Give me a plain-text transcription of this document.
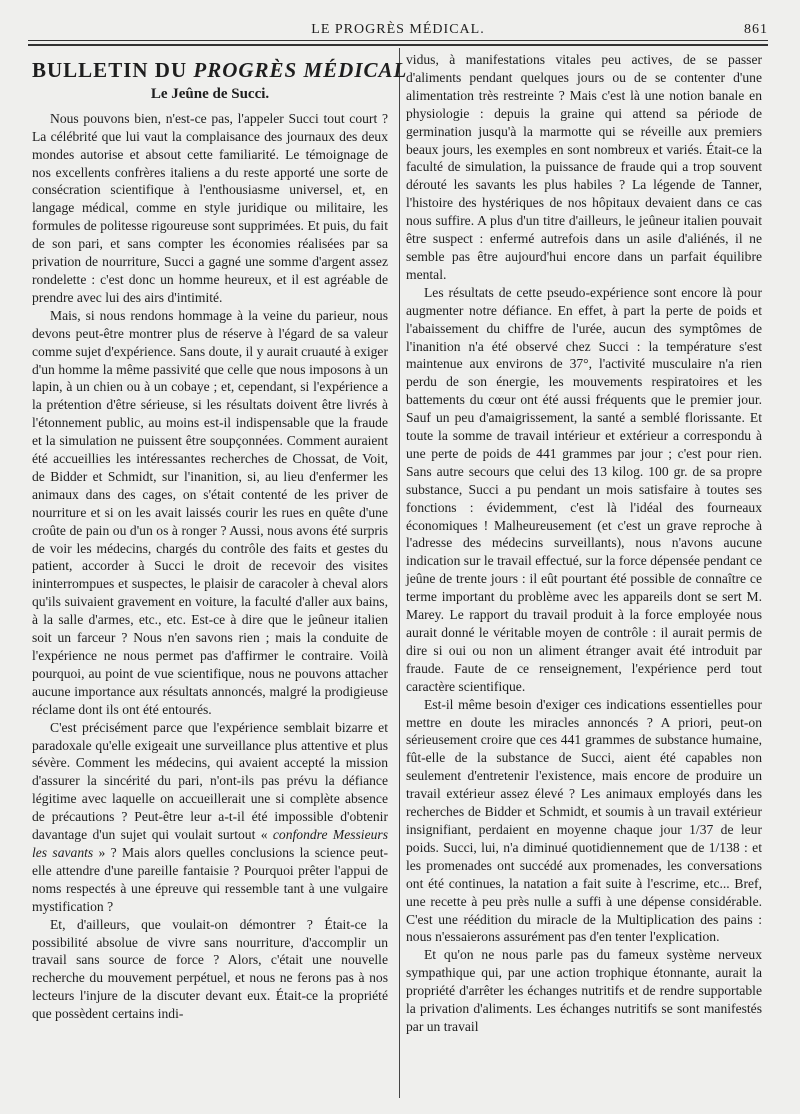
LE PROGRÈS MÉDICAL.	861
BULLETIN DU PROGRÈS MÉDICAL
Le Jeûne de Succi.

Nous pouvons bien, n'est-ce pas, l'appeler Succi tout court ? La célébrité que lui vaut la complaisance des journaux des deux mondes autorise et absout cette familiarité. Le témoignage de nos excellents confrères italiens a du reste apporté une sorte de consécration scientifique à l'enthousiasme universel, et, en langage médical, comme en style juridique ou militaire, les formules de politesse rigoureuse sont supprimées. Et puis, du fait de son pari, et sans compter les économies réalisées par sa privation de nourriture, Succi a gagné une somme d'argent assez rondelette : c'est donc un homme heureux, et il est agréable de prendre avec lui des airs d'intimité.

Mais, si nous rendons hommage à la veine du parieur, nous devons peut-être montrer plus de réserve à l'égard de sa valeur comme sujet d'expérience. Sans doute, il y aurait cruauté à exiger d'un homme la même passivité que celle que nous imposons à un lapin, à un chien ou à un cobaye ; et, cependant, si l'expérience a la prétention d'être sérieuse, si les résultats doivent être livrés à l'étonnement public, au moins est-il indispensable que la fraude et la simulation ne puissent être soupçonnées. Comment auraient été accueillies les intéressantes recherches de Chossat, de Voit, de Bidder et Schmidt, sur l'inanition, si, au lieu d'enfermer les animaux dans des cages, on s'était contenté de les priver de nourriture et si on les avait laissés courir les rues en quête d'une croûte de pain ou d'un os à ronger ? Aussi, nous avons été surpris de voir les médecins, chargés du contrôle des faits et gestes du patient, accorder à Succi le droit de recevoir des visites ininterrompues et suspectes, le plaisir de caracoler à cheval alors qu'ils suivaient gravement en voiture, la faculté d'aller aux bains, à la salle d'armes, etc., etc. Est-ce à dire que le jeûneur italien soit un farceur ? Nous n'en savons rien ; mais la conduite de l'expérience ne nous permet pas d'affirmer le contraire. Voilà pourquoi, au point de vue scientifique, nous ne pouvons attacher aucune importance aux résultats annoncés, malgré la prodigieuse réclame dont ils ont été entourés.

C'est précisément parce que l'expérience semblait bizarre et paradoxale qu'elle exigeait une surveillance plus attentive et plus sévère. Comment les médecins, qui avaient accepté la mission d'assurer la sincérité du pari, n'ont-ils pas prévu la défiance légitime avec laquelle on accueillerait une si complète absence de précautions ? Peut-être leur a-t-il été impossible d'obtenir davantage d'un sujet qui voulait surtout « confondre Messieurs les savants » ? Mais alors quelles conclusions la science peut-elle attendre d'une pareille fantaisie ? Pourquoi prêter l'appui de noms respectés à une épreuve qui ressemble tant à une vulgaire mystification ?

Et, d'ailleurs, que voulait-on démontrer ? Était-ce la possibilité absolue de vivre sans nourriture, d'accomplir un travail sans source de force ? Alors, c'était une nouvelle recherche du mouvement perpétuel, et nous ne ferons pas à nos lecteurs l'injure de la discuter devant eux. Était-ce la propriété que possèdent certains indi-

vidus, à manifestations vitales peu actives, de se passer d'aliments pendant quelques jours ou de se contenter d'une alimentation très restreinte ? Mais c'est là une notion banale en physiologie : depuis la graine qui attend sa période de germination jusqu'à la marmotte qui se réveille aux premiers beaux jours, les exemples en sont nombreux et variés. Était-ce la faculté de simulation, la puissance de fraude qui a trop souvent dérouté les savants les plus habiles ? La légende de Tanner, l'histoire des hystériques de nos hôpitaux devaient dans ce cas nous suffire. A plus d'un titre d'ailleurs, le jeûneur italien pouvait être suspect : enfermé autrefois dans un asile d'aliénés, il ne semble pas être aujourd'hui encore dans un parfait équilibre mental.

Les résultats de cette pseudo-expérience sont encore là pour augmenter notre défiance. En effet, à part la perte de poids et l'abaissement du chiffre de l'urée, aucun des symptômes de l'inanition n'a été observé chez Succi : la température s'est maintenue aux environs de 37°, l'activité musculaire n'a rien perdu de son énergie, les mouvements respiratoires et les battements du cœur ont été aussi fréquents que le premier jour. Sauf un peu d'amaigrissement, la santé a semblé florissante. Et toute la somme de travail intérieur et extérieur a correspondu à une perte de poids de 441 grammes par jour ; c'est pour rien. Sans autre secours que celui des 13 kilog. 100 gr. de sa propre substance, Succi a pu pendant un mois satisfaire à toutes ses fonctions : évidemment, c'est là l'idéal des fourneaux économiques ! Malheureusement (et c'est un grave reproche à l'adresse des médecins surveillants), nous n'avons aucune indication sur le travail effectué, sur la force dépensée pendant ce jeûne de trente jours : il eût pourtant été possible de connaître ce terme important du problème avec les appareils dont se sert M. Marey. Le rapport du travail produit à la force employée nous aurait donné le véritable moyen de contrôle : il aurait permis de dire si oui ou non un aliment étranger avait été introduit par fraude. Faute de ce renseignement, l'expérience perd tout caractère scientifique.

Est-il même besoin d'exiger ces indications essentielles pour mettre en doute les miracles annoncés ? A priori, peut-on sérieusement croire que ces 441 grammes de substance humaine, fût-elle de la substance de Succi, aient été capables non seulement d'entretenir l'existence, mais encore de produire un travail extérieur assez élevé ? Les animaux employés dans les recherches de Bidder et Schmidt, et soumis à un travail extérieur insignifiant, perdaient en moyenne chaque jour 1/37 de leur poids. Succi, lui, n'a diminué quotidiennement que de 1/138 : et les promenades ont succédé aux promenades, les conversations ont été continues, la natation a fait suite à l'escrime, etc... Bref, une recette à peu près nulle a suffi à une dépense considérable. C'est une réédition du miracle de la Multiplication des pains : nous n'essaierons assurément pas d'en tenter l'explication.

Et qu'on ne nous parle pas du fameux système nerveux sympathique qui, par une action trophique étonnante, aurait la propriété d'arrêter les échanges nutritifs et de rendre supportable la privation d'aliments. Les échanges nutritifs se sont manifestés par un travail
